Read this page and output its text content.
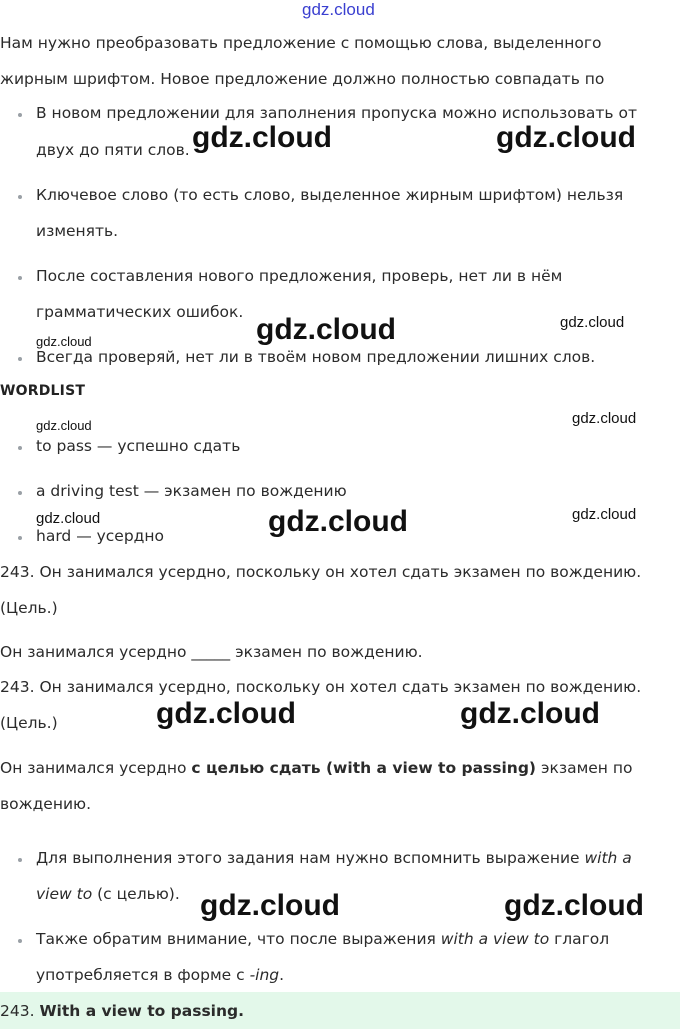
gdz.cloud
Нам нужно преобразовать предложение с помощью слова, выделенного
жирным шрифтом. Новое предложение должно полностью совпадать по
В новом предложении для заполнения пропуска можно использовать от
двух до пяти слов.
Ключевое слово (то есть слово, выделенное жирным шрифтом) нельзя
изменять.
После составления нового предложения, проверь, нет ли в нём
грамматических ошибок.
Всегда проверяй, нет ли в твоём новом предложении лишних слов.
WORDLIST
to pass — успешно сдать
a driving test — экзамен по вождению
hard — усердно
243. Он занимался усердно, поскольку он хотел сдать экзамен по вождению.
(Цель.)
Он занимался усердно _____ экзамен по вождению.
243. Он занимался усердно, поскольку он хотел сдать экзамен по вождению.
(Цель.)
Он занимался усердно с целью сдать (with a view to passing) экзамен по
вождению.
Для выполнения этого задания нам нужно вспомнить выражение with a
view to (с целью).
Также обратим внимание, что после выражения with a view to глагол
употребляется в форме с -ing.
243. With a view to passing.
gdz.cloud	gdz.cloud
gdz.cloud	gdz.cloud
gdz.cloud
gdz.cloud	gdz.cloud
gdz.cloud	gdz.cloud	gdz.cloud
gdz.cloud	gdz.cloud
gdz.cloud	gdz.cloud
